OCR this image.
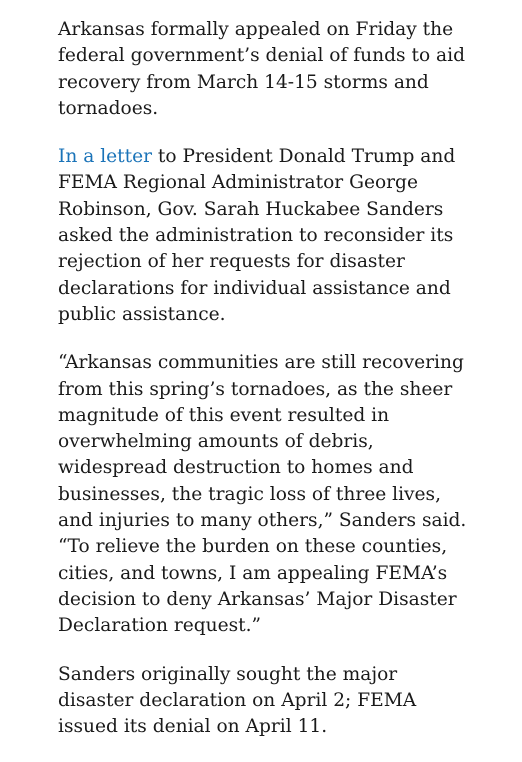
Arkansas formally appealed on Friday the federal government’s denial of funds to aid recovery from March 14-15 storms and tornadoes.

In a letter to President Donald Trump and FEMA Regional Administrator George Robinson, Gov. Sarah Huckabee Sanders asked the administration to reconsider its rejection of her requests for disaster declarations for individual assistance and public assistance.

“Arkansas communities are still recovering from this spring’s tornadoes, as the sheer magnitude of this event resulted in overwhelming amounts of debris, widespread destruction to homes and businesses, the tragic loss of three lives, and injuries to many others,” Sanders said. “To relieve the burden on these counties, cities, and towns, I am appealing FEMA’s decision to deny Arkansas’ Major Disaster Declaration request.”

Sanders originally sought the major disaster declaration on April 2; FEMA issued its denial on April 11.
